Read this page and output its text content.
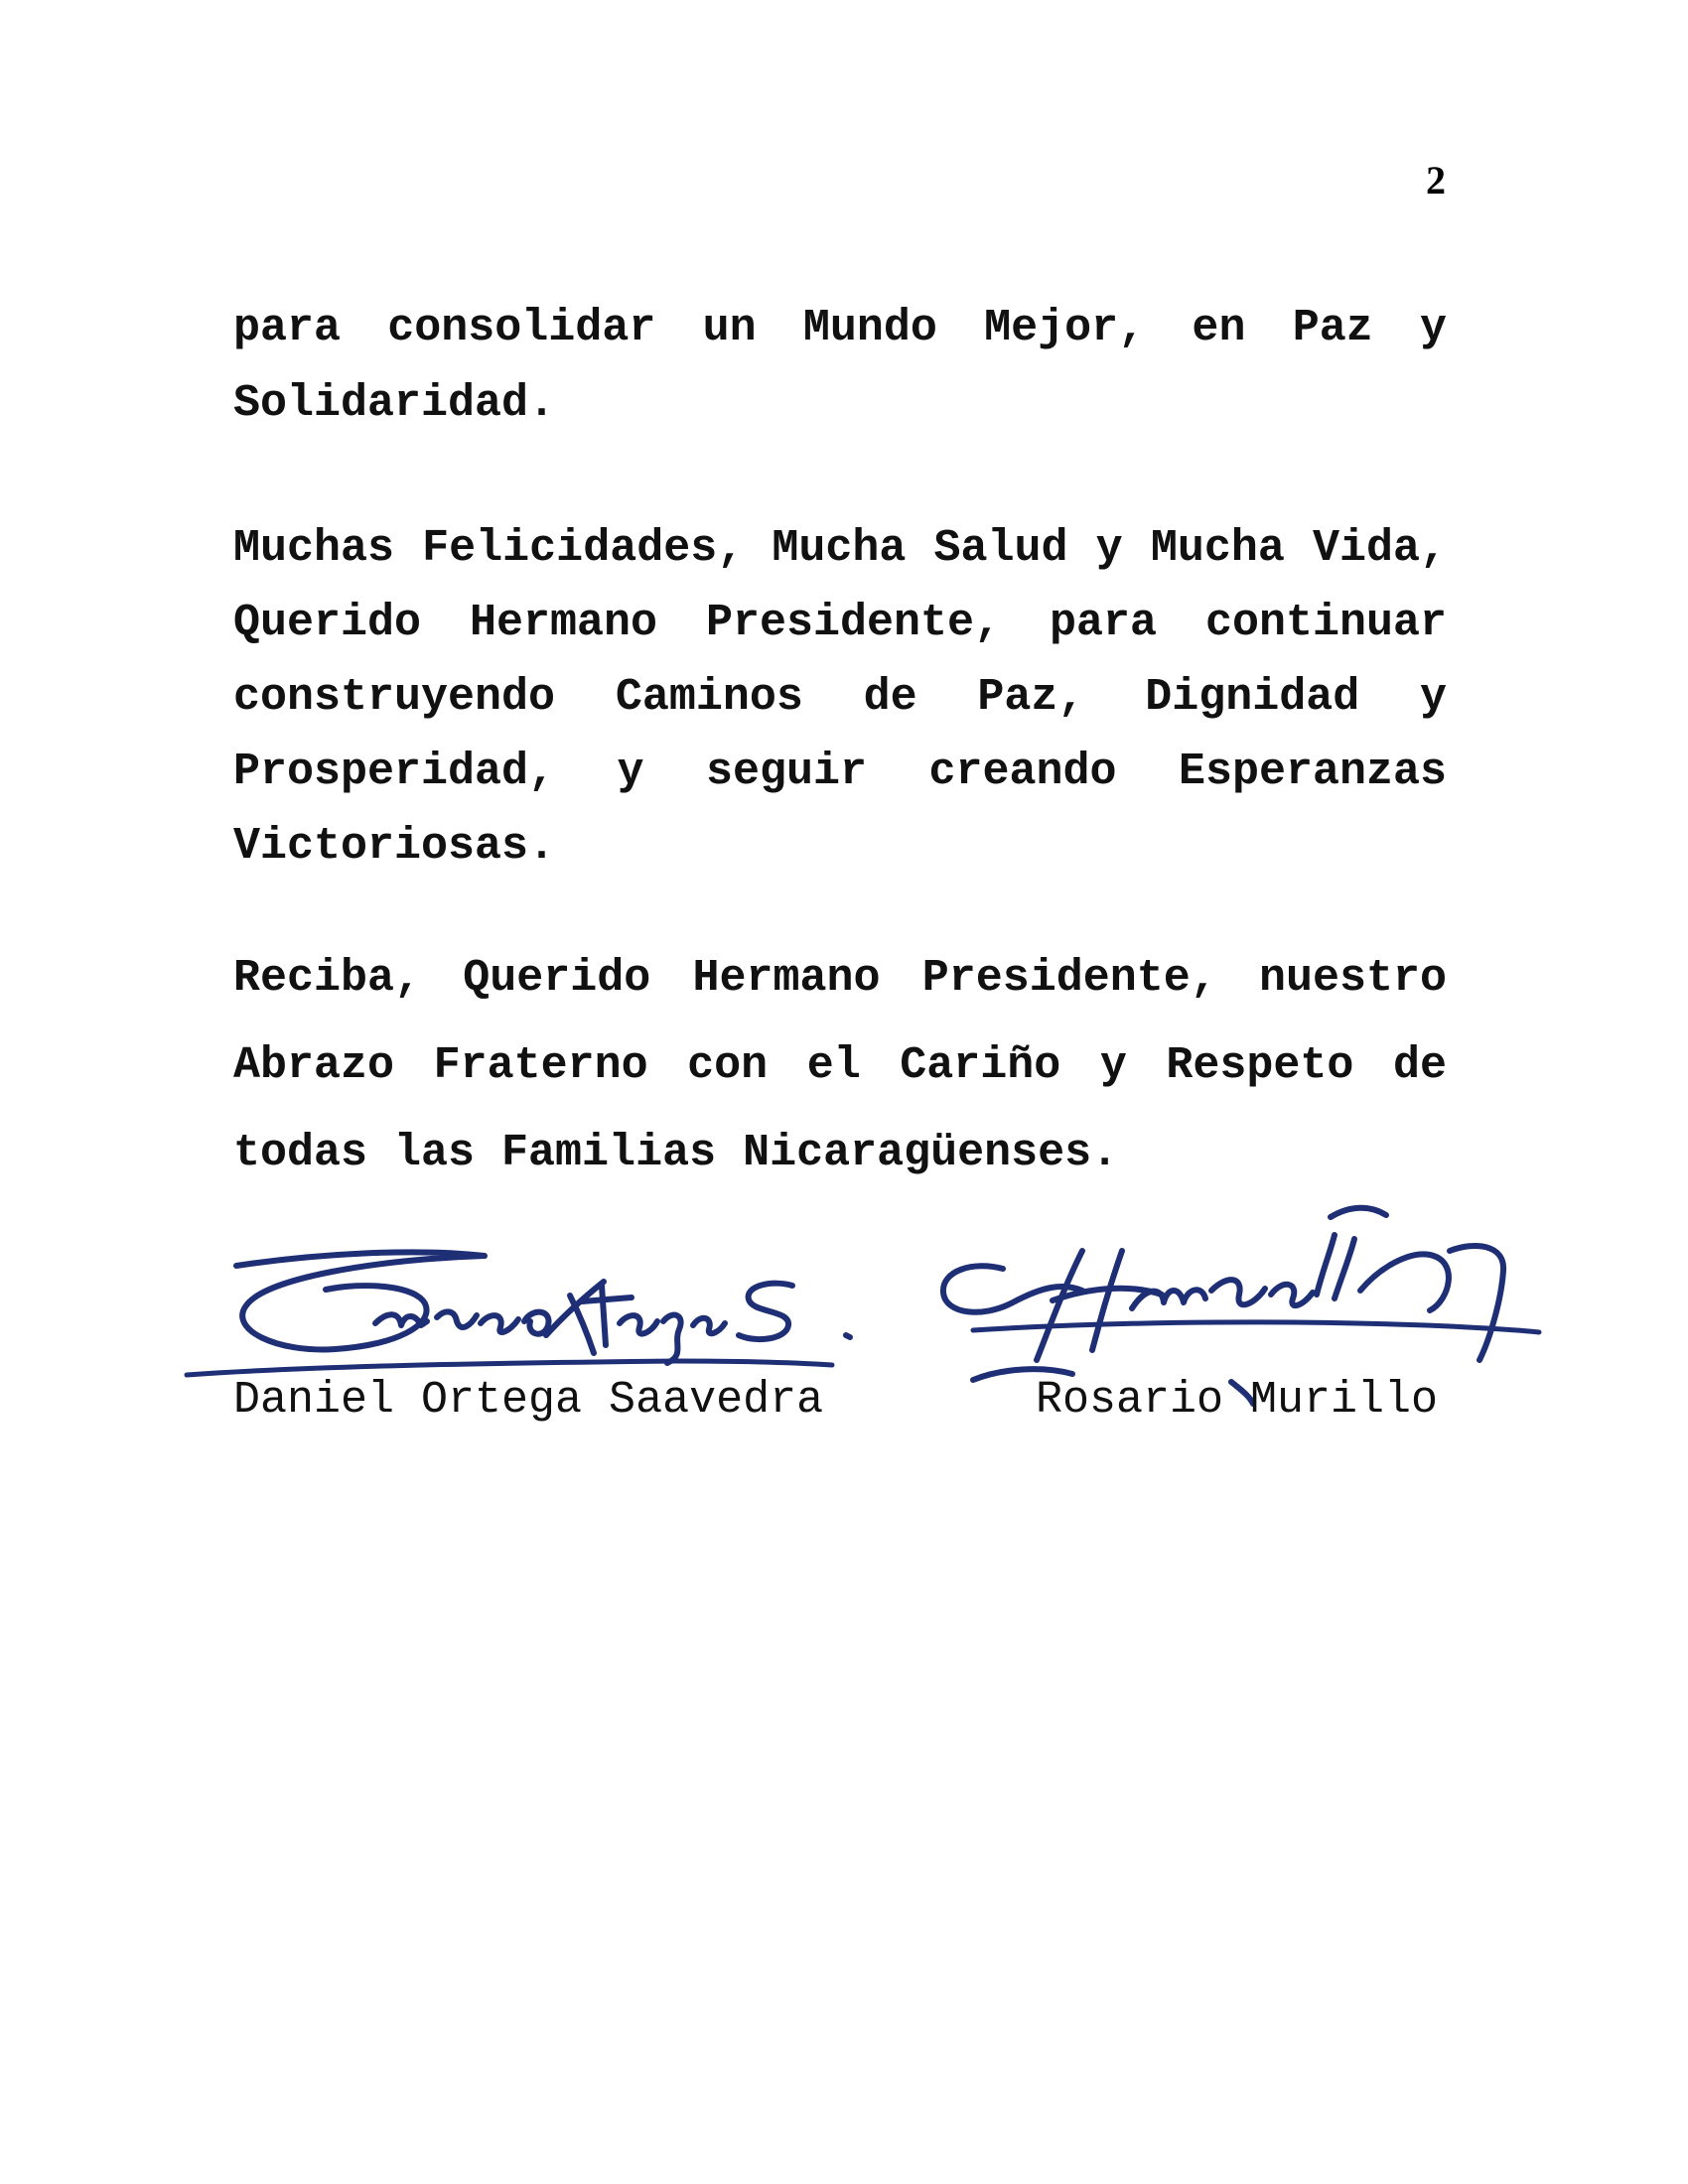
2

para consolidar un Mundo Mejor, en Paz y Solidaridad.

Muchas Felicidades, Mucha Salud y Mucha Vida, Querido Hermano Presidente, para continuar construyendo Caminos de Paz, Dignidad y Prosperidad, y seguir creando Esperanzas Victoriosas.

Reciba, Querido Hermano Presidente, nuestro Abrazo Fraterno con el Cariño y Respeto de todas las Familias Nicaragüenses.

Daniel Ortega Saavedra	Rosario Murillo
